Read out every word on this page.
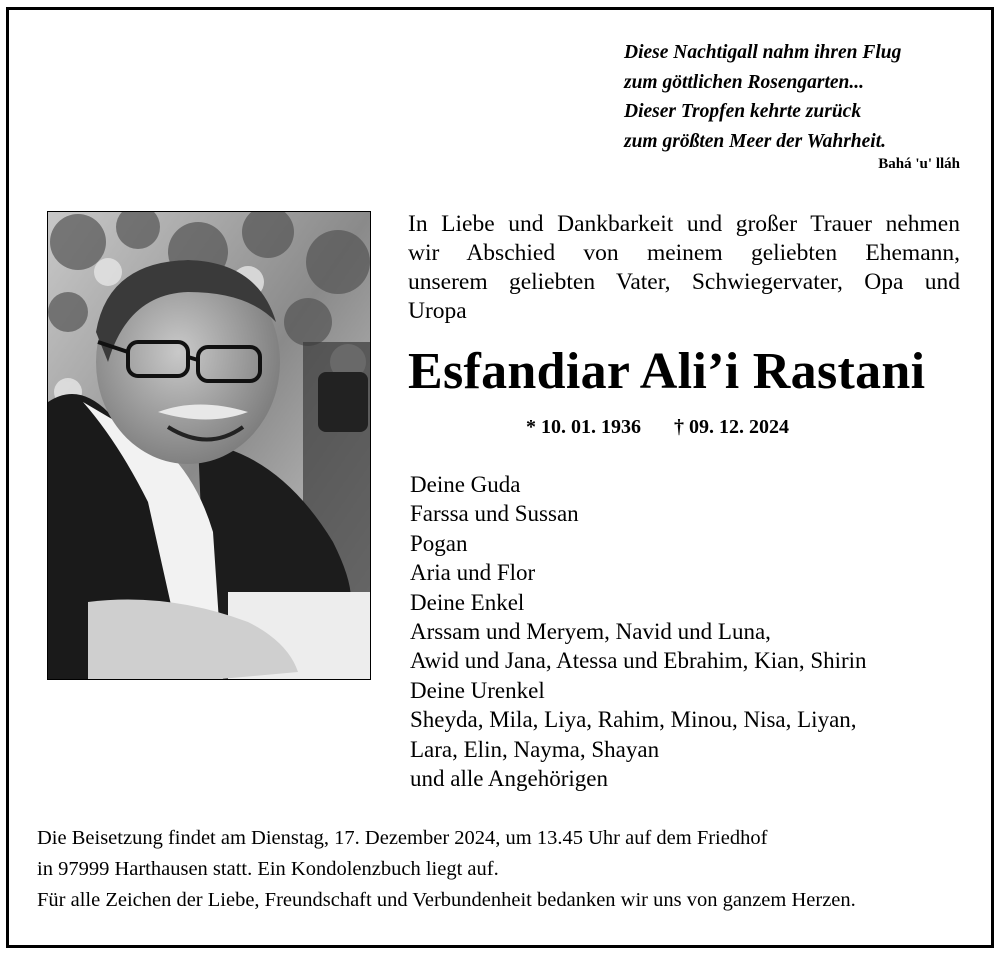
Diese Nachtigall nahm ihren Flug
zum göttlichen Rosengarten...
Dieser Tropfen kehrte zurück
zum größten Meer der Wahrheit.
Bahá 'u' lláh
In Liebe und Dankbarkeit und großer Trauer nehmen
wir Abschied von meinem geliebten Ehemann,
unserem geliebten Vater, Schwiegervater, Opa und
Uropa
Esfandiar Ali’i Rastani
* 10. 01. 1936 † 09. 12. 2024
Deine Guda
Farssa und Sussan
Pogan
Aria und Flor
Deine Enkel
Arssam und Meryem, Navid und Luna,
Awid und Jana, Atessa und Ebrahim, Kian, Shirin
Deine Urenkel
Sheyda, Mila, Liya, Rahim, Minou, Nisa, Liyan,
Lara, Elin, Nayma, Shayan
und alle Angehörigen
Die Beisetzung findet am Dienstag, 17. Dezember 2024, um 13.45 Uhr auf dem Friedhof
in 97999 Harthausen statt. Ein Kondolenzbuch liegt auf.
Für alle Zeichen der Liebe, Freundschaft und Verbundenheit bedanken wir uns von ganzem Herzen.
